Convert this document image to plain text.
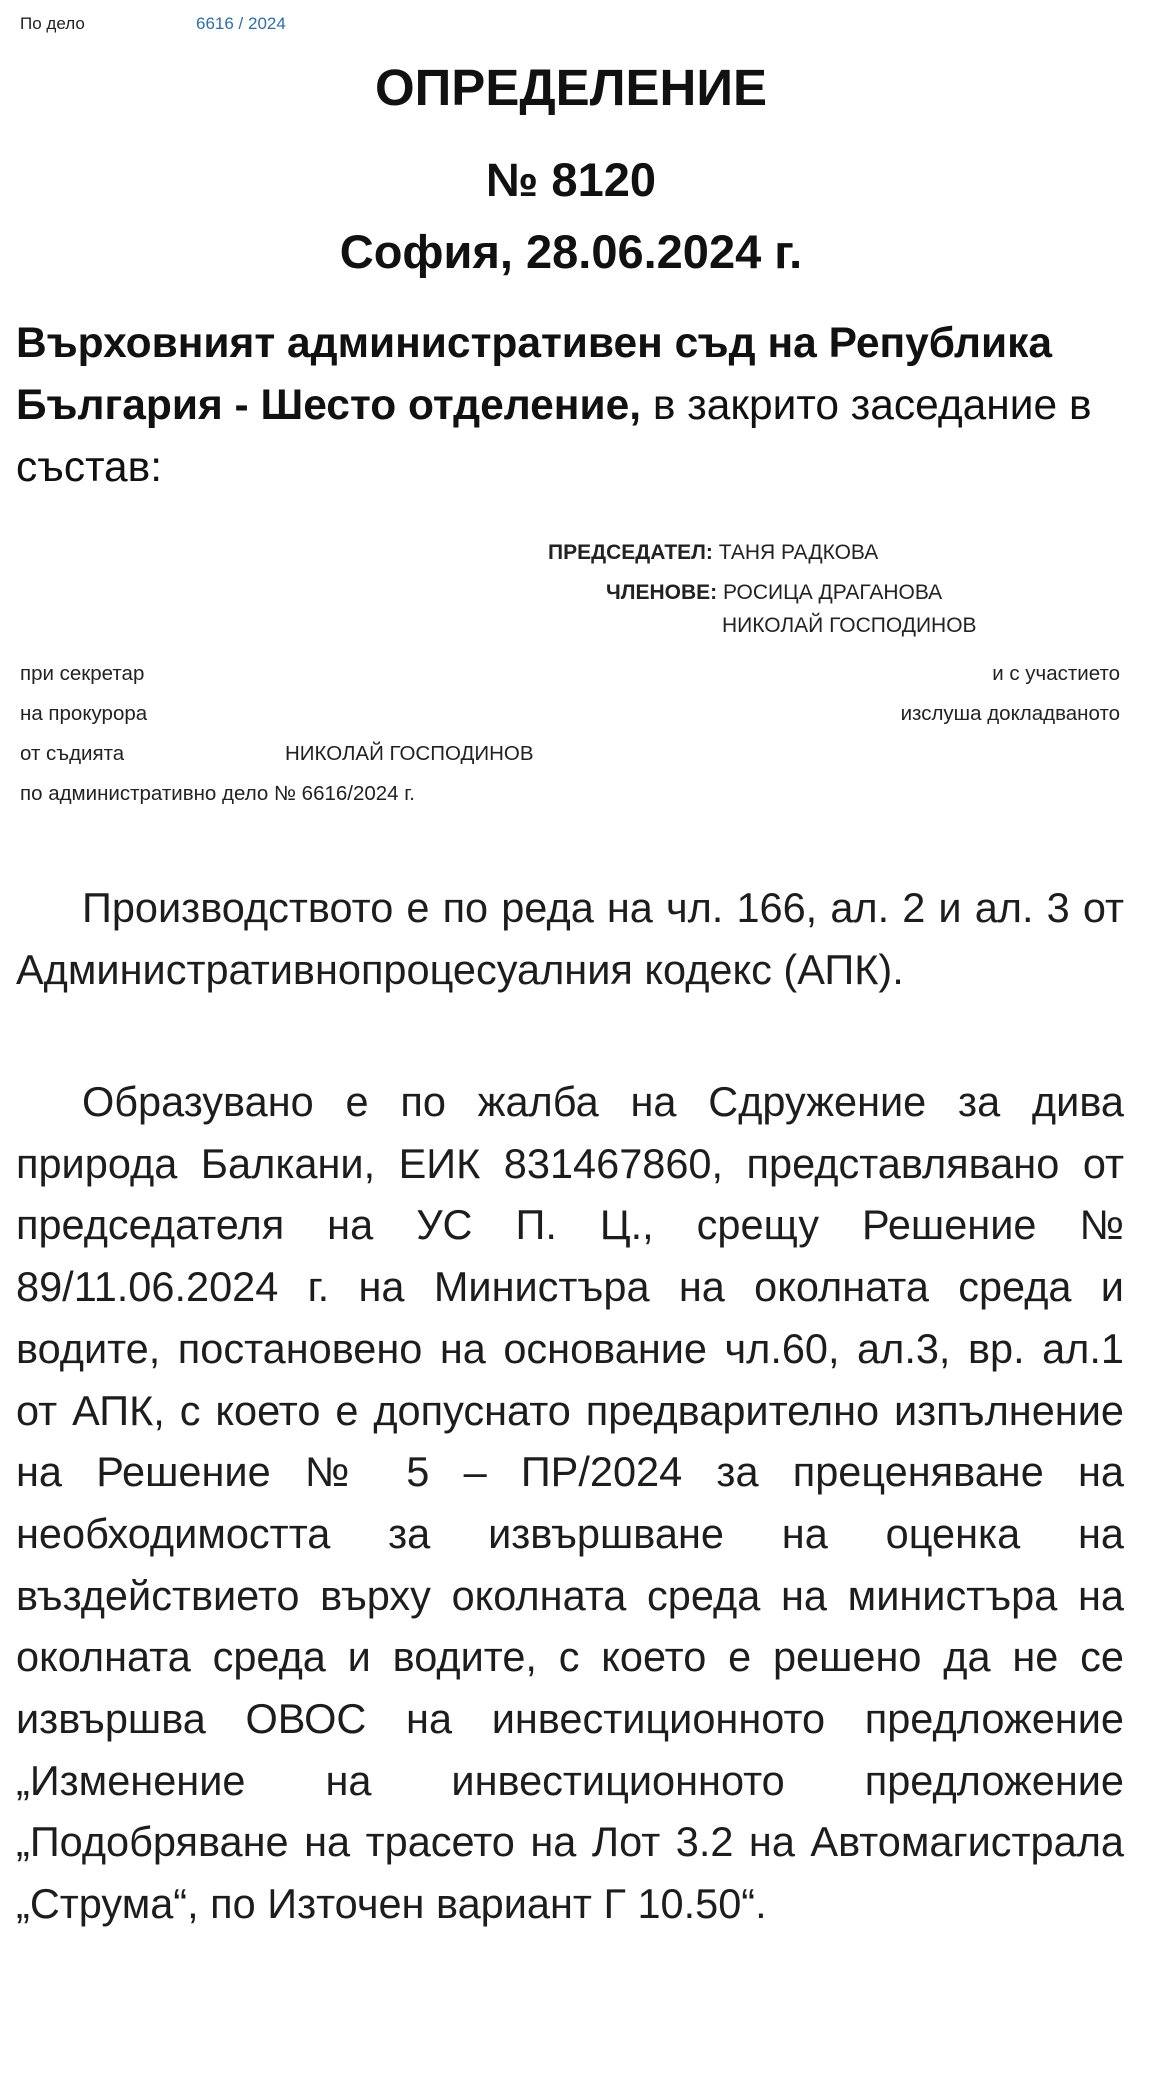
По дело	6616 / 2024
ОПРЕДЕЛЕНИЕ
№ 8120
София, 28.06.2024 г.
Върховният административен съд на Република България - Шесто отделение, в закрито заседание в състав:
ПРЕДСЕДАТЕЛ: ТАНЯ РАДКОВА
ЧЛЕНОВЕ: РОСИЦА ДРАГАНОВА
НИКОЛАЙ ГОСПОДИНОВ
при секретар	и с участието
на прокурора	изслуша докладваното
от съдията	НИКОЛАЙ ГОСПОДИНОВ
по административно дело № 6616/2024 г.
Производството е по реда на чл. 166, ал. 2 и ал. 3 от Административнопроцесуалния кодекс (АПК).
Образувано е по жалба на Сдружение за дива природа Балкани, ЕИК 831467860, представлявано от председателя на УС П. Ц., срещу Решение № 89/11.06.2024 г. на Министъра на околната среда и водите, постановено на основание чл.60, ал.3, вр. ал.1 от АПК, с което е допуснато предварително изпълнение на Решение № 5 – ПР/2024 за преценяване на необходимостта за извършване на оценка на въздействието върху околната среда на министъра на околната среда и водите, с което е решено да не се извършва ОВОС на инвестиционното предложение „Изменение на инвестиционното предложение „Подобряване на трасето на Лот 3.2 на Автомагистрала „Струма“, по Източен вариант Г 10.50“.
